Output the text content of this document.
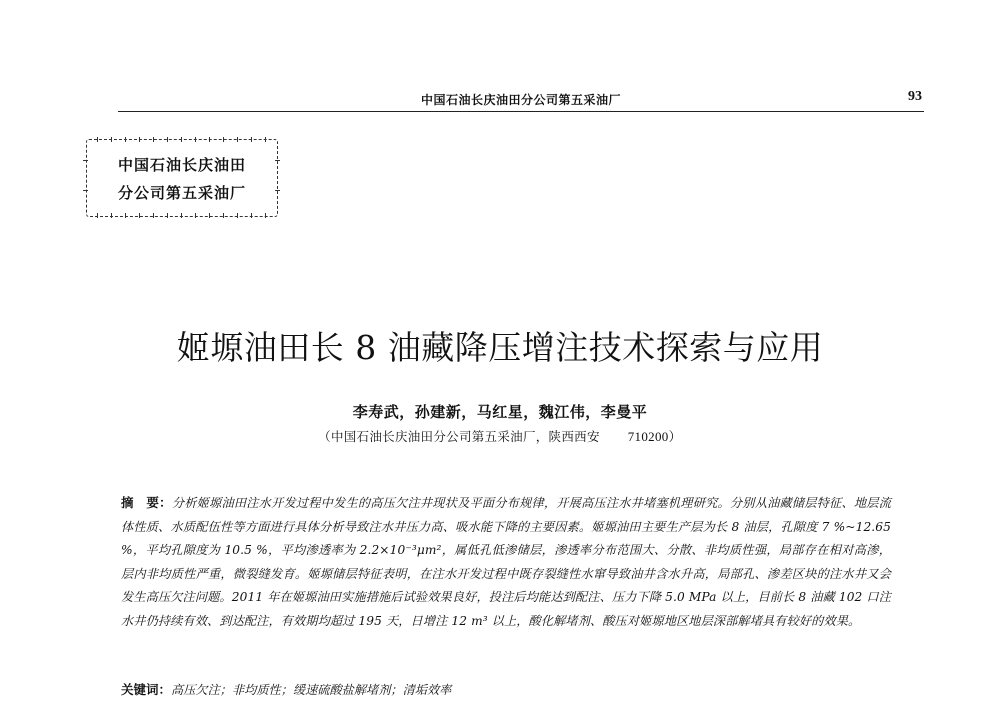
中国石油长庆油田分公司第五采油厂	93
中国石油长庆油田
分公司第五采油厂
姬塬油田长 8 油藏降压增注技术探索与应用
李寿武，孙建新，马红星，魏江伟，李曼平
（中国石油长庆油田分公司第五采油厂，陕西西安 710200）
摘　要：分析姬塬油田注水开发过程中发生的高压欠注井现状及平面分布规律，开展高压注水井堵塞机理研究。分别从油藏储层特征、地层流体性质、水质配伍性等方面进行具体分析导致注水井压力高、吸水能下降的主要因素。姬塬油田主要生产层为长 8 油层，孔隙度 7 %~12.65 %，平均孔隙度为 10.5 %，平均渗透率为 2.2×10⁻³μm²，属低孔低渗储层，渗透率分布范围大、分散、非均质性强，局部存在相对高渗，层内非均质性严重，微裂缝发育。姬塬储层特征表明，在注水开发过程中既存裂缝性水窜导致油井含水升高，局部孔、渗差区块的注水井又会发生高压欠注问题。2011 年在姬塬油田实施措施后试验效果良好，投注后均能达到配注、压力下降 5.0 MPa 以上，目前长 8 油藏 102 口注水井仍持续有效、到达配注，有效期均超过 195 天，日增注 12 m³ 以上，酸化解堵剂、酸压对姬塬地区地层深部解堵具有较好的效果。
关键词：高压欠注；非均质性；缓速硫酸盐解堵剂；清垢效率
